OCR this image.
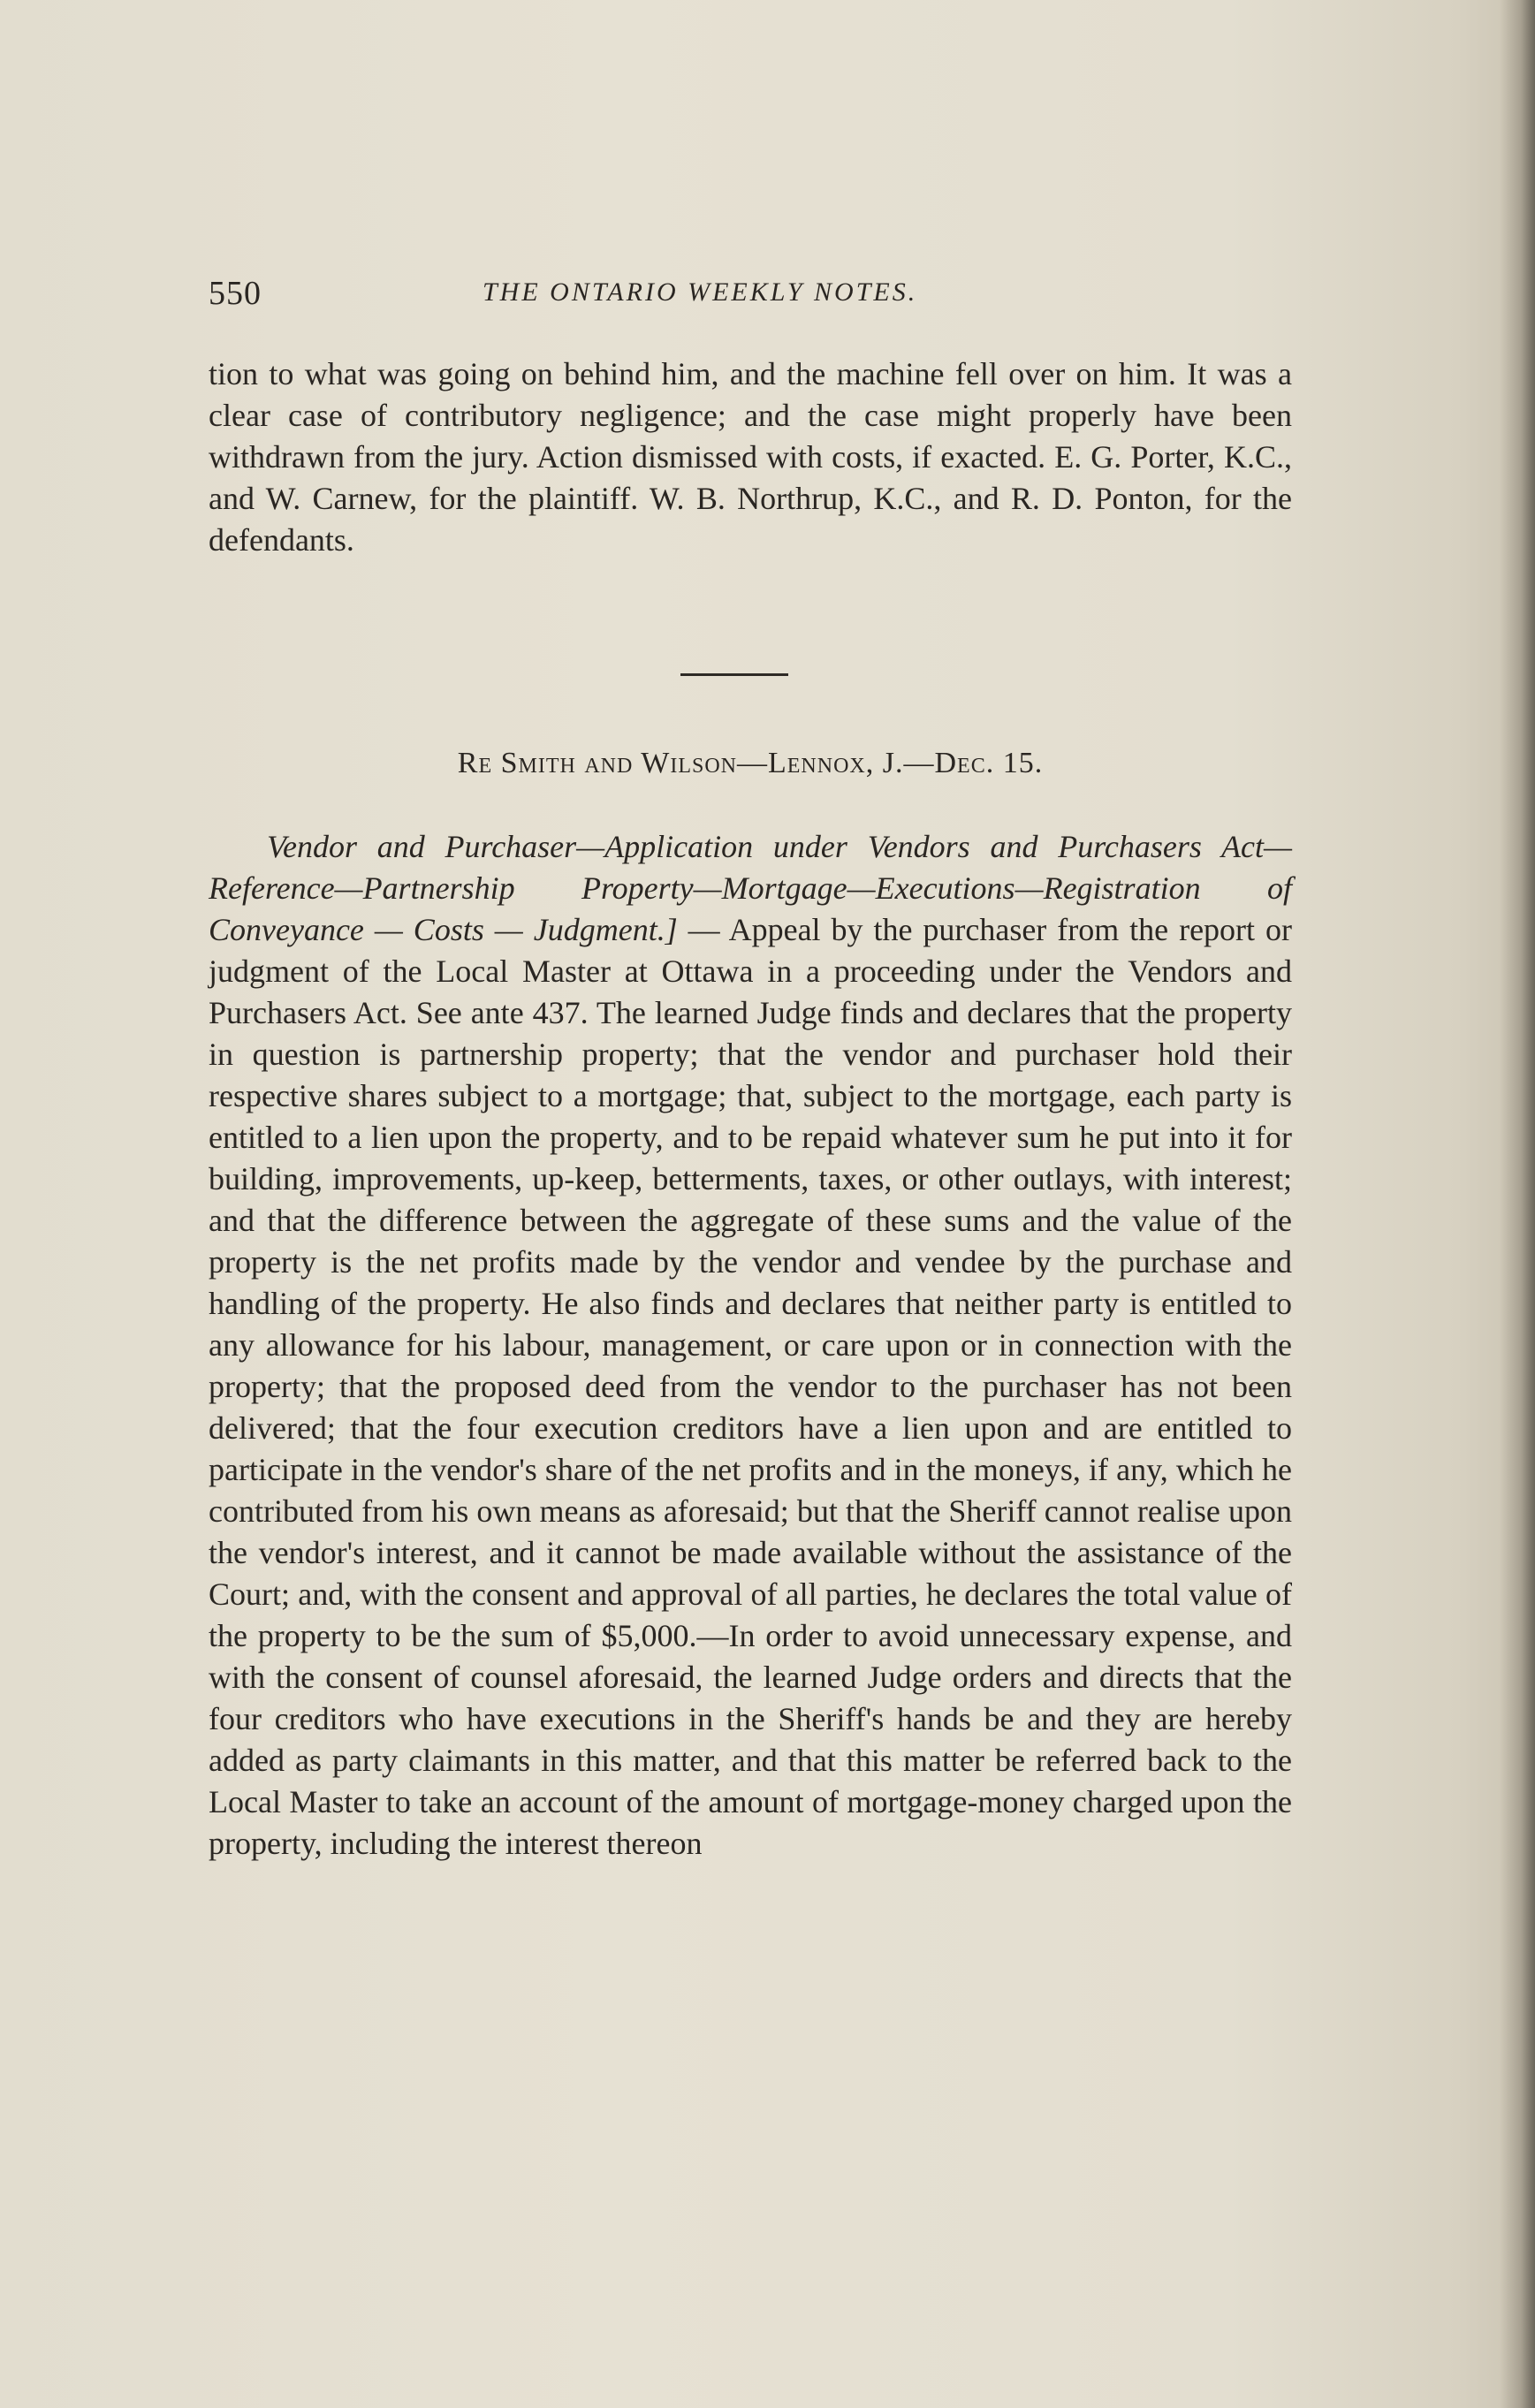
550	THE ONTARIO WEEKLY NOTES.

tion to what was going on behind him, and the machine fell over on him. It was a clear case of contributory negligence; and the case might properly have been withdrawn from the jury. Action dismissed with costs, if exacted. E. G. Porter, K.C., and W. Carnew, for the plaintiff. W. B. Northrup, K.C., and R. D. Ponton, for the defendants.

Re Smith and Wilson—Lennox, J.—Dec. 15.

Vendor and Purchaser—Application under Vendors and Purchasers Act—Reference—Partnership Property—Mortgage—Executions—Registration of Conveyance — Costs — Judgment.] — Appeal by the purchaser from the report or judgment of the Local Master at Ottawa in a proceeding under the Vendors and Purchasers Act. See ante 437. The learned Judge finds and declares that the property in question is partnership property; that the vendor and purchaser hold their respective shares subject to a mortgage; that, subject to the mortgage, each party is entitled to a lien upon the property, and to be repaid whatever sum he put into it for building, improvements, up-keep, betterments, taxes, or other outlays, with interest; and that the difference between the aggregate of these sums and the value of the property is the net profits made by the vendor and vendee by the purchase and handling of the property. He also finds and declares that neither party is entitled to any allowance for his labour, management, or care upon or in connection with the property; that the proposed deed from the vendor to the purchaser has not been delivered; that the four execution creditors have a lien upon and are entitled to participate in the vendor's share of the net profits and in the moneys, if any, which he contributed from his own means as aforesaid; but that the Sheriff cannot realise upon the vendor's interest, and it cannot be made available without the assistance of the Court; and, with the consent and approval of all parties, he declares the total value of the property to be the sum of $5,000.—In order to avoid unnecessary expense, and with the consent of counsel aforesaid, the learned Judge orders and directs that the four creditors who have executions in the Sheriff's hands be and they are hereby added as party claimants in this matter, and that this matter be referred back to the Local Master to take an account of the amount of mortgage-money charged upon the property, including the interest thereon
